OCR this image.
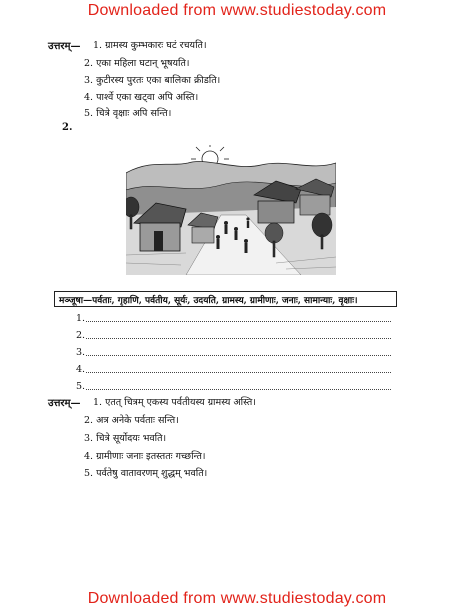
Downloaded from www.studiestoday.com
उत्तरम्— 1. ग्रामस्य कुम्भकारः घटं रचयति।
2. एका महिला घटान् भूषयति।
3. कुटीरस्य पुरतः एका बालिका क्रीडति।
4. पार्श्वे एका खट्वा अपि अस्ति।
5. चित्रे वृक्षाः अपि सन्ति।
2.
मञ्जूषा—पर्वताः, गृहाणि, पर्वतीय, सूर्यः, उदयति, ग्रामस्य, ग्रामीणाः, जनाः, सामान्याः, वृक्षाः।
1.
2.
3.
4.
5.
उत्तरम्— 1. एतत् चित्रम् एकस्य पर्वतीयस्य ग्रामस्य अस्ति।
2. अत्र अनेके पर्वताः सन्ति।
3. चित्रे सूर्योदयः भवति।
4. ग्रामीणाः जनाः इतस्ततः गच्छन्ति।
5. पर्वतेषु वातावरणम् शुद्धम् भवति।
Downloaded from www.studiestoday.com
